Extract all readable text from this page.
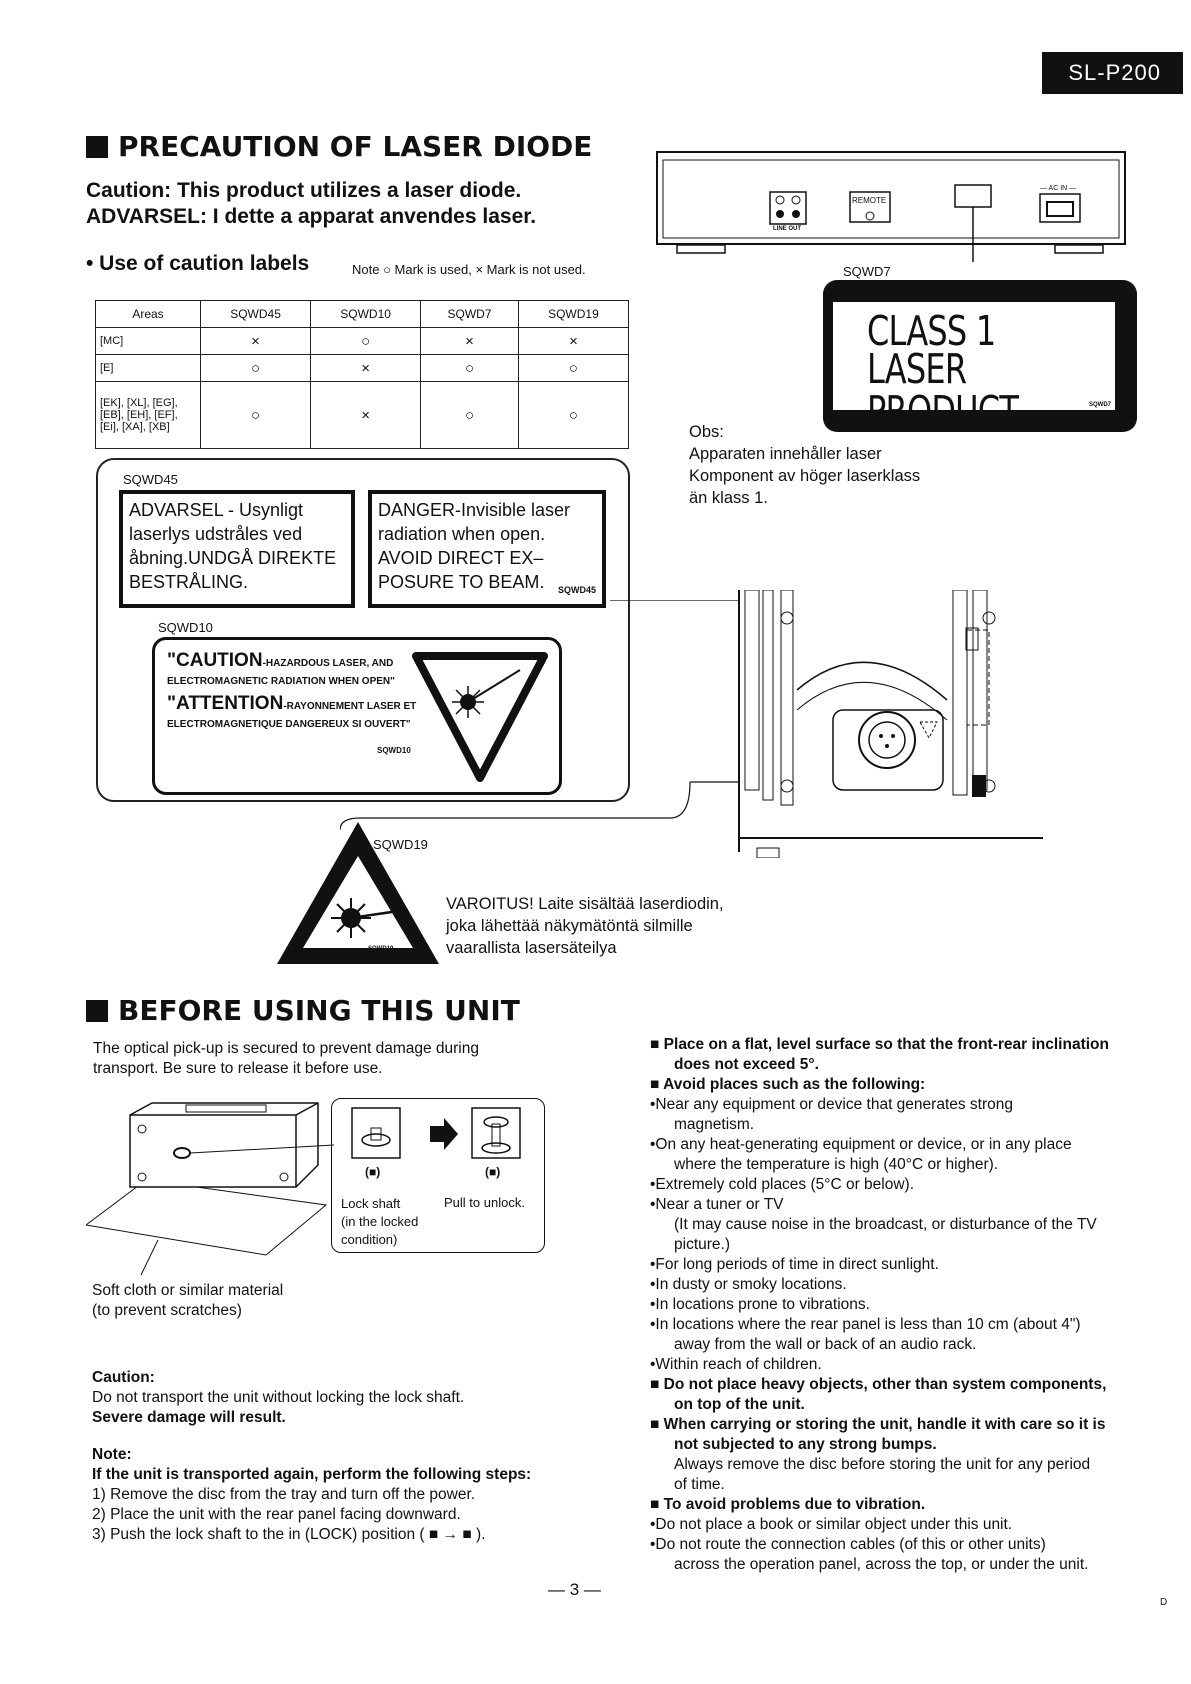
SL-P200
PRECAUTION OF LASER DIODE
Caution: This product utilizes a laser diode.
ADVARSEL: I dette a apparat anvendes laser.
• Use of caution labels	Note ○ Mark is used, × Mark is not used.
Areas	SQWD45	SQWD10	SQWD7	SQWD19
[MC]	×	○	×	×
[E]	○	×	○	○
[EK], [XL], [EG], [EB], [EH], [EF], [Ei], [XA], [XB]	○	×	○	○
REMOTE
LINE OUT
— AC IN —
SQWD7
CLASS 1
LASER PRODUCT	SQWD7
Obs:
Apparaten innehåller laser
Komponent av höger laserklass
än klass 1.
SQWD45
ADVARSEL - Usynligt
laserlys udstråles ved
åbning.UNDGÅ DIREKTE
BESTRÅLING.
DANGER-Invisible laser
radiation when open.
AVOID DIRECT EX–
POSURE TO BEAM.	SQWD45
SQWD10
"CAUTION-HAZARDOUS LASER, AND
ELECTROMAGNETIC RADIATION WHEN OPEN"
"ATTENTION-RAYONNEMENT LASER ET
ELECTROMAGNETIQUE DANGEREUX SI OUVERT"
SQWD10
SQWD19
SQWD19
VAROITUS! Laite sisältää laserdiodin,
joka lähettää näkymätöntä silmille
vaarallista lasersäteilya
BEFORE USING THIS UNIT
The optical pick-up is secured to prevent damage during
transport. Be sure to release it before use.
(■)	(■)
Lock shaft
(in the locked
condition)
Pull to unlock.
Soft cloth or similar material
(to prevent scratches)
Caution:
Do not transport the unit without locking the lock shaft.
Severe damage will result.
Note:
If the unit is transported again, perform the following steps:
1) Remove the disc from the tray and turn off the power.
2) Place the unit with the rear panel facing downward.
3) Push the lock shaft to the in (LOCK) position ( ■ → ■ ).
■ Place on a flat, level surface so that the front-rear inclination
does not exceed 5°.
■ Avoid places such as the following:
•Near any equipment or device that generates strong
magnetism.
•On any heat-generating equipment or device, or in any place
where the temperature is high (40°C or higher).
•Extremely cold places (5°C or below).
•Near a tuner or TV
(It may cause noise in the broadcast, or disturbance of the TV
picture.)
•For long periods of time in direct sunlight.
•In dusty or smoky locations.
•In locations prone to vibrations.
•In locations where the rear panel is less than 10 cm (about 4")
away from the wall or back of an audio rack.
•Within reach of children.
■ Do not place heavy objects, other than system components,
on top of the unit.
■ When carrying or storing the unit, handle it with care so it is
not subjected to any strong bumps.
Always remove the disc before storing the unit for any period
of time.
■ To avoid problems due to vibration.
•Do not place a book or similar object under this unit.
•Do not route the connection cables (of this or other units)
across the operation panel, across the top, or under the unit.
— 3 —
D
